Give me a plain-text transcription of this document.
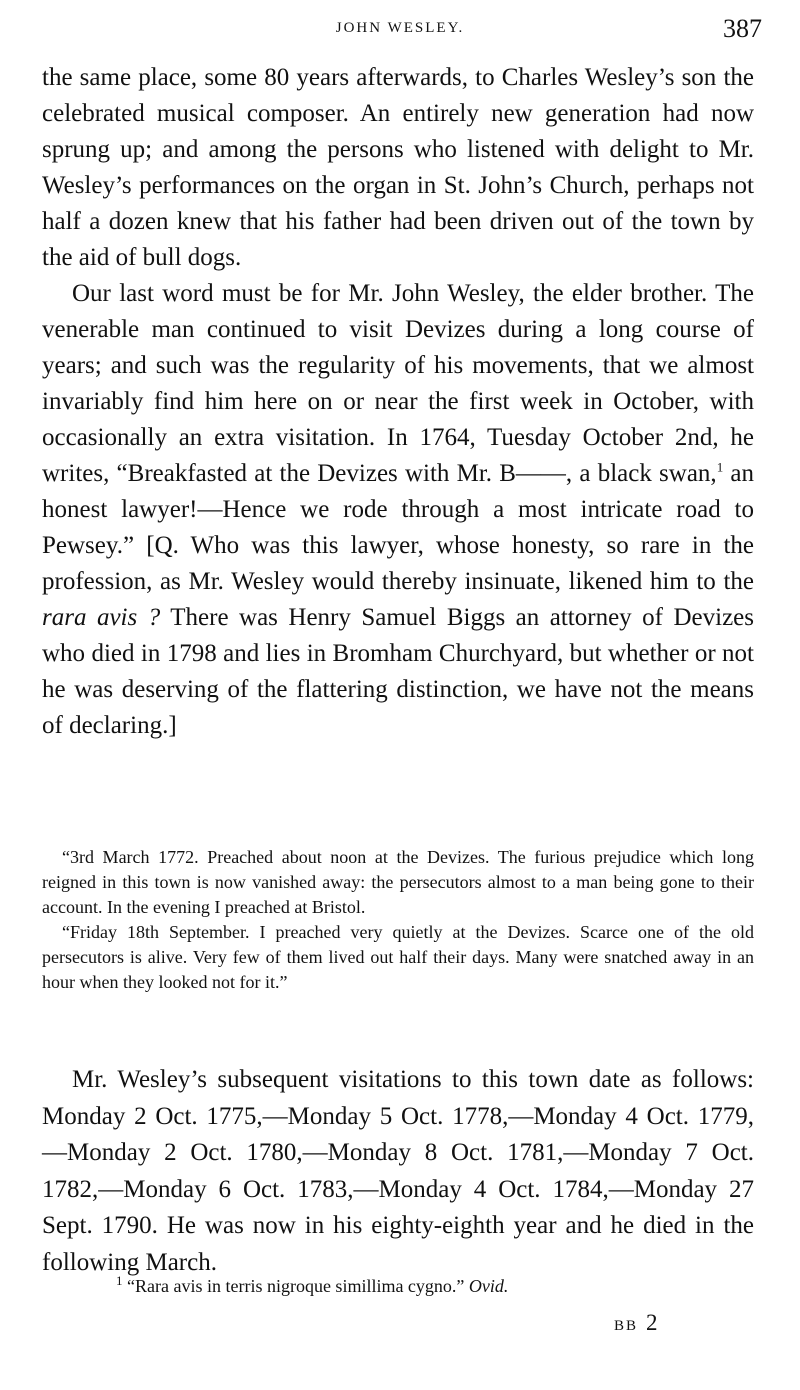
JOHN WESLEY.	387

the same place, some 80 years afterwards, to Charles Wesley’s son the celebrated musical composer. An entirely new generation had now sprung up; and among the persons who listened with delight to Mr. Wesley’s performances on the organ in St. John’s Church, perhaps not half a dozen knew that his father had been driven out of the town by the aid of bull dogs.

Our last word must be for Mr. John Wesley, the elder brother. The venerable man continued to visit Devizes during a long course of years; and such was the regularity of his movements, that we almost invariably find him here on or near the first week in October, with occasionally an extra visitation. In 1764, Tuesday October 2nd, he writes, “Breakfasted at the Devizes with Mr. B——, a black swan,$^1$ an honest lawyer!—Hence we rode through a most intricate road to Pewsey.” [Q. Who was this lawyer, whose honesty, so rare in the profession, as Mr. Wesley would thereby insinuate, likened him to the rara avis ? There was Henry Samuel Biggs an attorney of Devizes who died in 1798 and lies in Bromham Churchyard, but whether or not he was deserving of the flattering distinction, we have not the means of declaring.]

“3rd March 1772. Preached about noon at the Devizes. The furious prejudice which long reigned in this town is now vanished away: the persecutors almost to a man being gone to their account. In the evening I preached at Bristol.

“Friday 18th September. I preached very quietly at the Devizes. Scarce one of the old persecutors is alive. Very few of them lived out half their days. Many were snatched away in an hour when they looked not for it.”

Mr. Wesley’s subsequent visitations to this town date as follows: Monday 2 Oct. 1775,—Monday 5 Oct. 1778,—Monday 4 Oct. 1779,—Monday 2 Oct. 1780,—Monday 8 Oct. 1781,—Monday 7 Oct. 1782,—Monday 6 Oct. 1783,—Monday 4 Oct. 1784,—Monday 27 Sept. 1790. He was now in his eighty-eighth year and he died in the following March.

$^1$ “Rara avis in terris nigroque simillima cygno.” Ovid.
BB 2
